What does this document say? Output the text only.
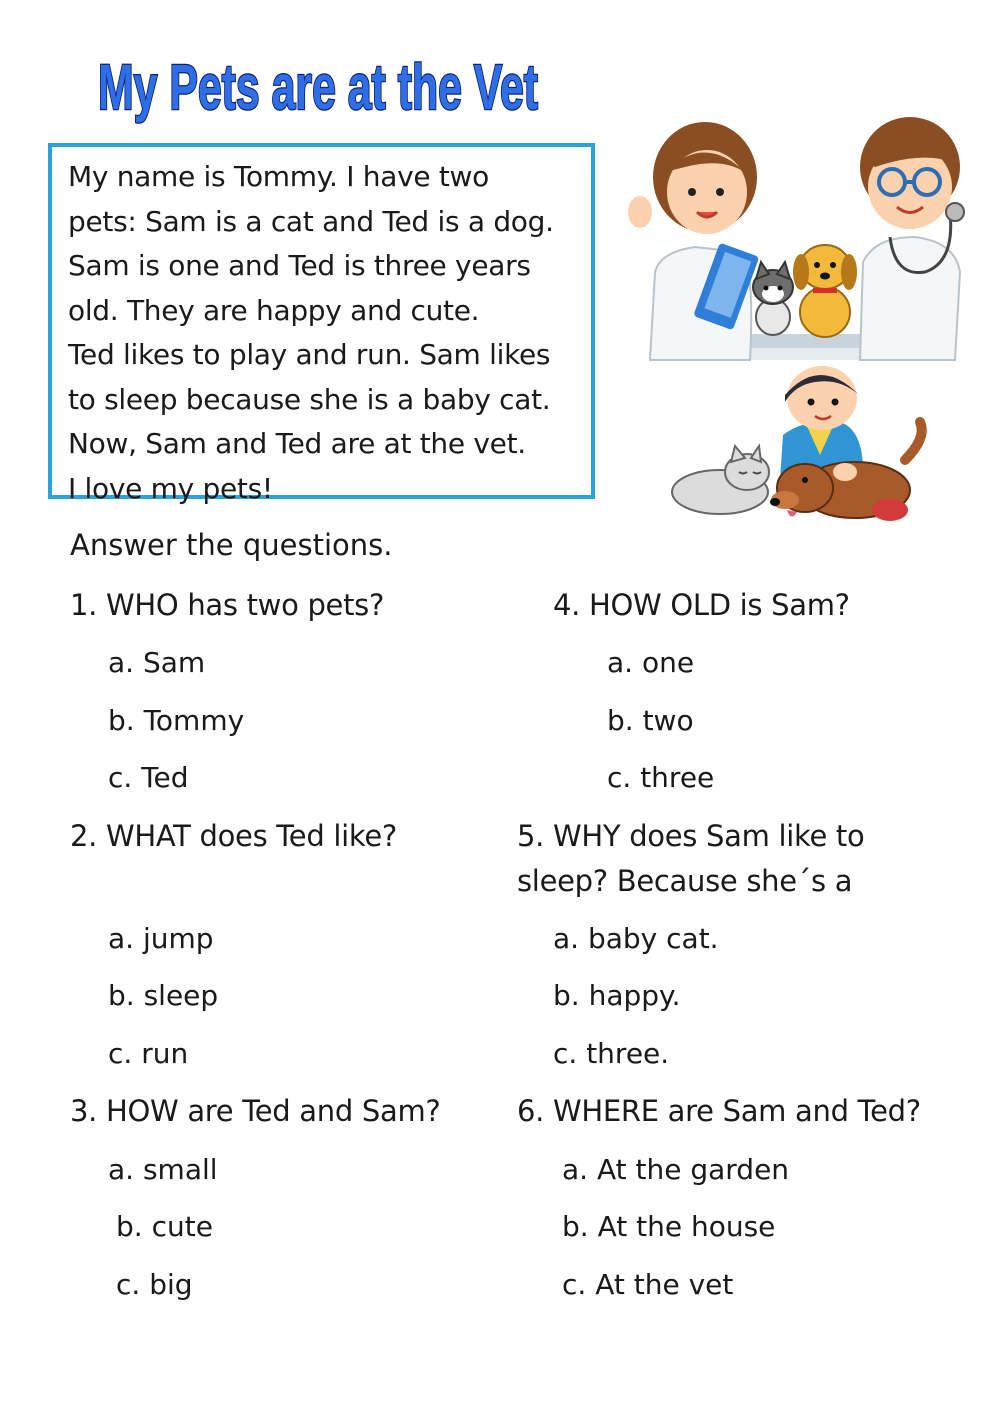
My Pets are at the Vet
My name is Tommy. I have two
pets: Sam is a cat and Ted is a dog.
Sam is one and Ted is three years
old. They are happy and cute.
Ted likes to play and run. Sam likes
to sleep because she is a baby cat.
Now, Sam and Ted are at the vet.
I love my pets!
Answer the questions.
1. WHO has two pets?
a. Sam
b. Tommy
c. Ted
2. WHAT does Ted like?
a. jump
b. sleep
c. run
3. HOW are Ted and Sam?
a. small
b. cute
c. big
4. HOW OLD is Sam?
a. one
b. two
c. three
5. WHY does Sam like to
sleep? Because she´s a
a. baby cat.
b. happy.
c. three.
6. WHERE are Sam and Ted?
a. At the garden
b. At the house
c. At the vet
